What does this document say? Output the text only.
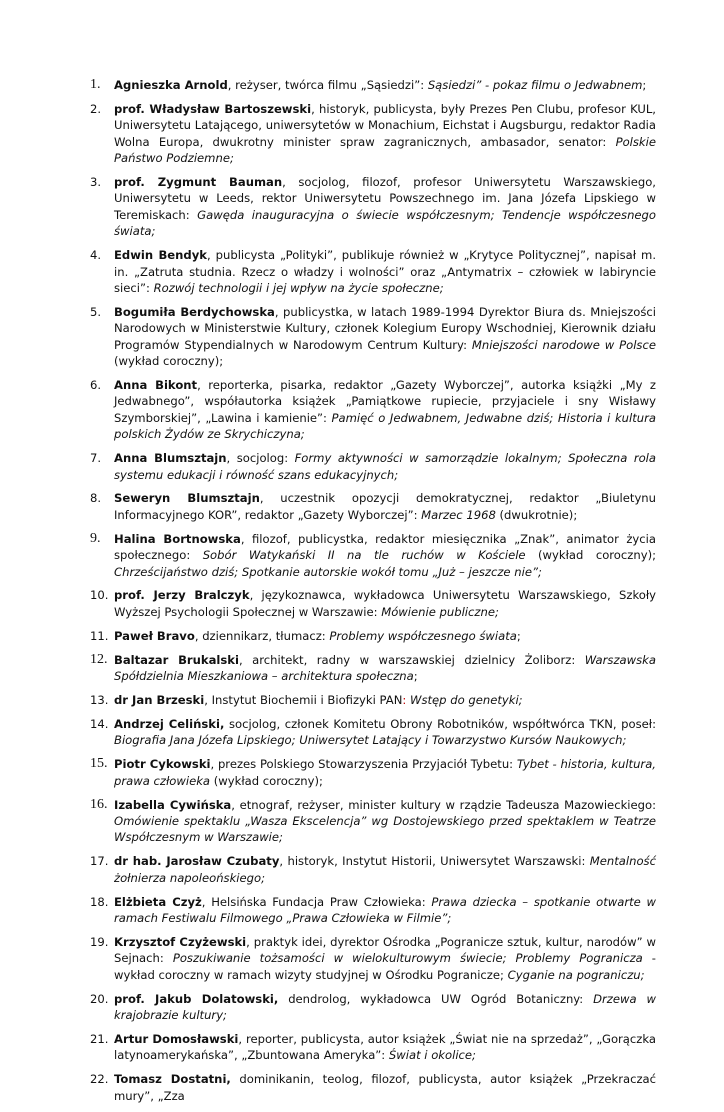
1.	Agnieszka Arnold, reżyser, twórca filmu „Sąsiedzi”: Sąsiedzi” - pokaz filmu o Jedwabnem;
2.	prof. Władysław Bartoszewski, historyk, publicysta, były Prezes Pen Clubu, profesor KUL, Uniwersytetu Latającego, uniwersytetów w Monachium, Eichstat i Augsburgu, redaktor Radia Wolna Europa, dwukrotny minister spraw zagranicznych, ambasador, senator: Polskie Państwo Podziemne;
3.	prof. Zygmunt Bauman, socjolog, filozof, profesor Uniwersytetu Warszawskiego, Uniwersytetu w Leeds, rektor Uniwersytetu Powszechnego im. Jana Józefa Lipskiego w Teremiskach: Gawęda inauguracyjna o świecie współczesnym; Tendencje współczesnego świata;
4.	Edwin Bendyk, publicysta „Polityki”, publikuje również w „Krytyce Politycznej”, napisał m. in. „Zatruta studnia. Rzecz o władzy i wolności” oraz „Antymatrix – człowiek w labiryncie sieci”: Rozwój technologii i jej wpływ na życie społeczne;
5.	Bogumiła Berdychowska, publicystka, w latach 1989-1994 Dyrektor Biura ds. Mniejszości Narodowych w Ministerstwie Kultury, członek Kolegium Europy Wschodniej, Kierownik działu Programów Stypendialnych w Narodowym Centrum Kultury: Mniejszości narodowe w Polsce (wykład coroczny);
6.	Anna Bikont, reporterka, pisarka, redaktor „Gazety Wyborczej”, autorka książki „My z Jedwabnego”, współautorka książek „Pamiątkowe rupiecie, przyjaciele i sny Wisławy Szymborskiej”, „Lawina i kamienie”: Pamięć o Jedwabnem, Jedwabne dziś; Historia i kultura polskich Żydów ze Skrychiczyna;
7.	Anna Blumsztajn, socjolog: Formy aktywności w samorządzie lokalnym; Społeczna rola systemu edukacji i równość szans edukacyjnych;
8.	Seweryn Blumsztajn, uczestnik opozycji demokratycznej, redaktor „Biuletynu Informacyjnego KOR”, redaktor „Gazety Wyborczej”: Marzec 1968 (dwukrotnie);
9.	Halina Bortnowska, filozof, publicystka, redaktor miesięcznika „Znak”, animator życia społecznego: Sobór Watykański II na tle ruchów w Kościele (wykład coroczny); Chrześcijaństwo dziś; Spotkanie autorskie wokół tomu „Już – jeszcze nie”;
10. prof. Jerzy Bralczyk, językoznawca, wykładowca Uniwersytetu Warszawskiego, Szkoły Wyższej Psychologii Społecznej w Warszawie: Mówienie publiczne;
11. Paweł Bravo, dziennikarz, tłumacz: Problemy współczesnego świata;
12. Baltazar Brukalski, architekt, radny w warszawskiej dzielnicy Żoliborz: Warszawska Spółdzielnia Mieszkaniowa – architektura społeczna;
13. dr Jan Brzeski, Instytut Biochemii i Biofizyki PAN: Wstęp do genetyki;
14. Andrzej Celiński, socjolog, członek Komitetu Obrony Robotników, współtwórca TKN, poseł: Biografia Jana Józefa Lipskiego; Uniwersytet Latający i Towarzystwo Kursów Naukowych;
15. Piotr Cykowski, prezes Polskiego Stowarzyszenia Przyjaciół Tybetu: Tybet - historia, kultura, prawa człowieka (wykład coroczny);
16. Izabella Cywińska, etnograf, reżyser, minister kultury w rządzie Tadeusza Mazowieckiego: Omówienie spektaklu „Wasza Ekscelencja” wg Dostojewskiego przed spektaklem w Teatrze Współczesnym w Warszawie;
17. dr hab. Jarosław Czubaty, historyk, Instytut Historii, Uniwersytet Warszawski: Mentalność żołnierza napoleońskiego;
18. Elżbieta Czyż, Helsińska Fundacja Praw Człowieka: Prawa dziecka – spotkanie otwarte w ramach Festiwalu Filmowego „Prawa Człowieka w Filmie”;
19. Krzysztof Czyżewski, praktyk idei, dyrektor Ośrodka „Pogranicze sztuk, kultur, narodów” w Sejnach: Poszukiwanie tożsamości w wielokulturowym świecie; Problemy Pogranicza - wykład coroczny w ramach wizyty studyjnej w Ośrodku Pogranicze; Cyganie na pograniczu;
20. prof. Jakub Dolatowski, dendrolog, wykładowca UW Ogród Botaniczny: Drzewa w krajobrazie kultury;
21. Artur Domosławski, reporter, publicysta, autor książek „Świat nie na sprzedaż”, „Gorączka latynoamerykańska”, „Zbuntowana Ameryka”: Świat i okolice;
22. Tomasz Dostatni, dominikanin, teolog, filozof, publicysta, autor książek „Przekraczać mury”, „Zza
